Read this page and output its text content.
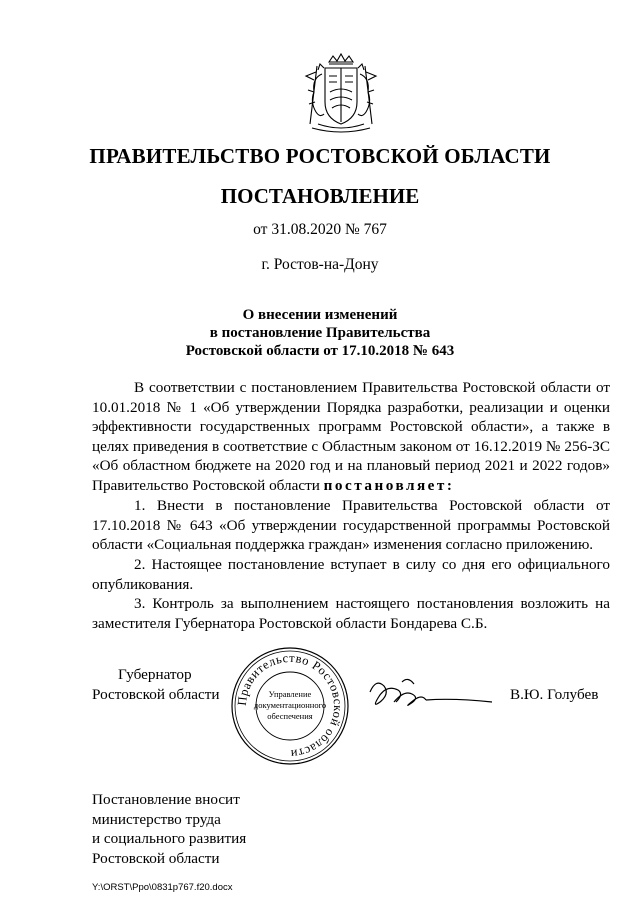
ПРАВИТЕЛЬСТВО РОСТОВСКОЙ ОБЛАСТИ
ПОСТАНОВЛЕНИЕ
от 31.08.2020 № 767
г. Ростов-на-Дону
О внесении изменений
в постановление Правительства
Ростовской области от 17.10.2018 № 643
В соответствии с постановлением Правительства Ростовской области от 10.01.2018 № 1 «Об утверждении Порядка разработки, реализации и оценки эффективности государственных программ Ростовской области», а также в целях приведения в соответствие с Областным законом от 16.12.2019 № 256-ЗС «Об областном бюджете на 2020 год и на плановый период 2021 и 2022 годов» Правительство Ростовской области постановляет:
1. Внести в постановление Правительства Ростовской области от 17.10.2018 № 643 «Об утверждении государственной программы Ростовской области «Социальная поддержка граждан» изменения согласно приложению.
2. Настоящее постановление вступает в силу со дня его официального опубликования.
3. Контроль за выполнением настоящего постановления возложить на заместителя Губернатора Ростовской области Бондарева С.Б.
Губернатор
Ростовской области Правительство Ростовской области
Управление
документационного
обеспечения
В.Ю. Голубев
Постановление вносит
министерство труда
и социального развития
Ростовской области
Y:\ORST\Ppo\0831p767.f20.docx
